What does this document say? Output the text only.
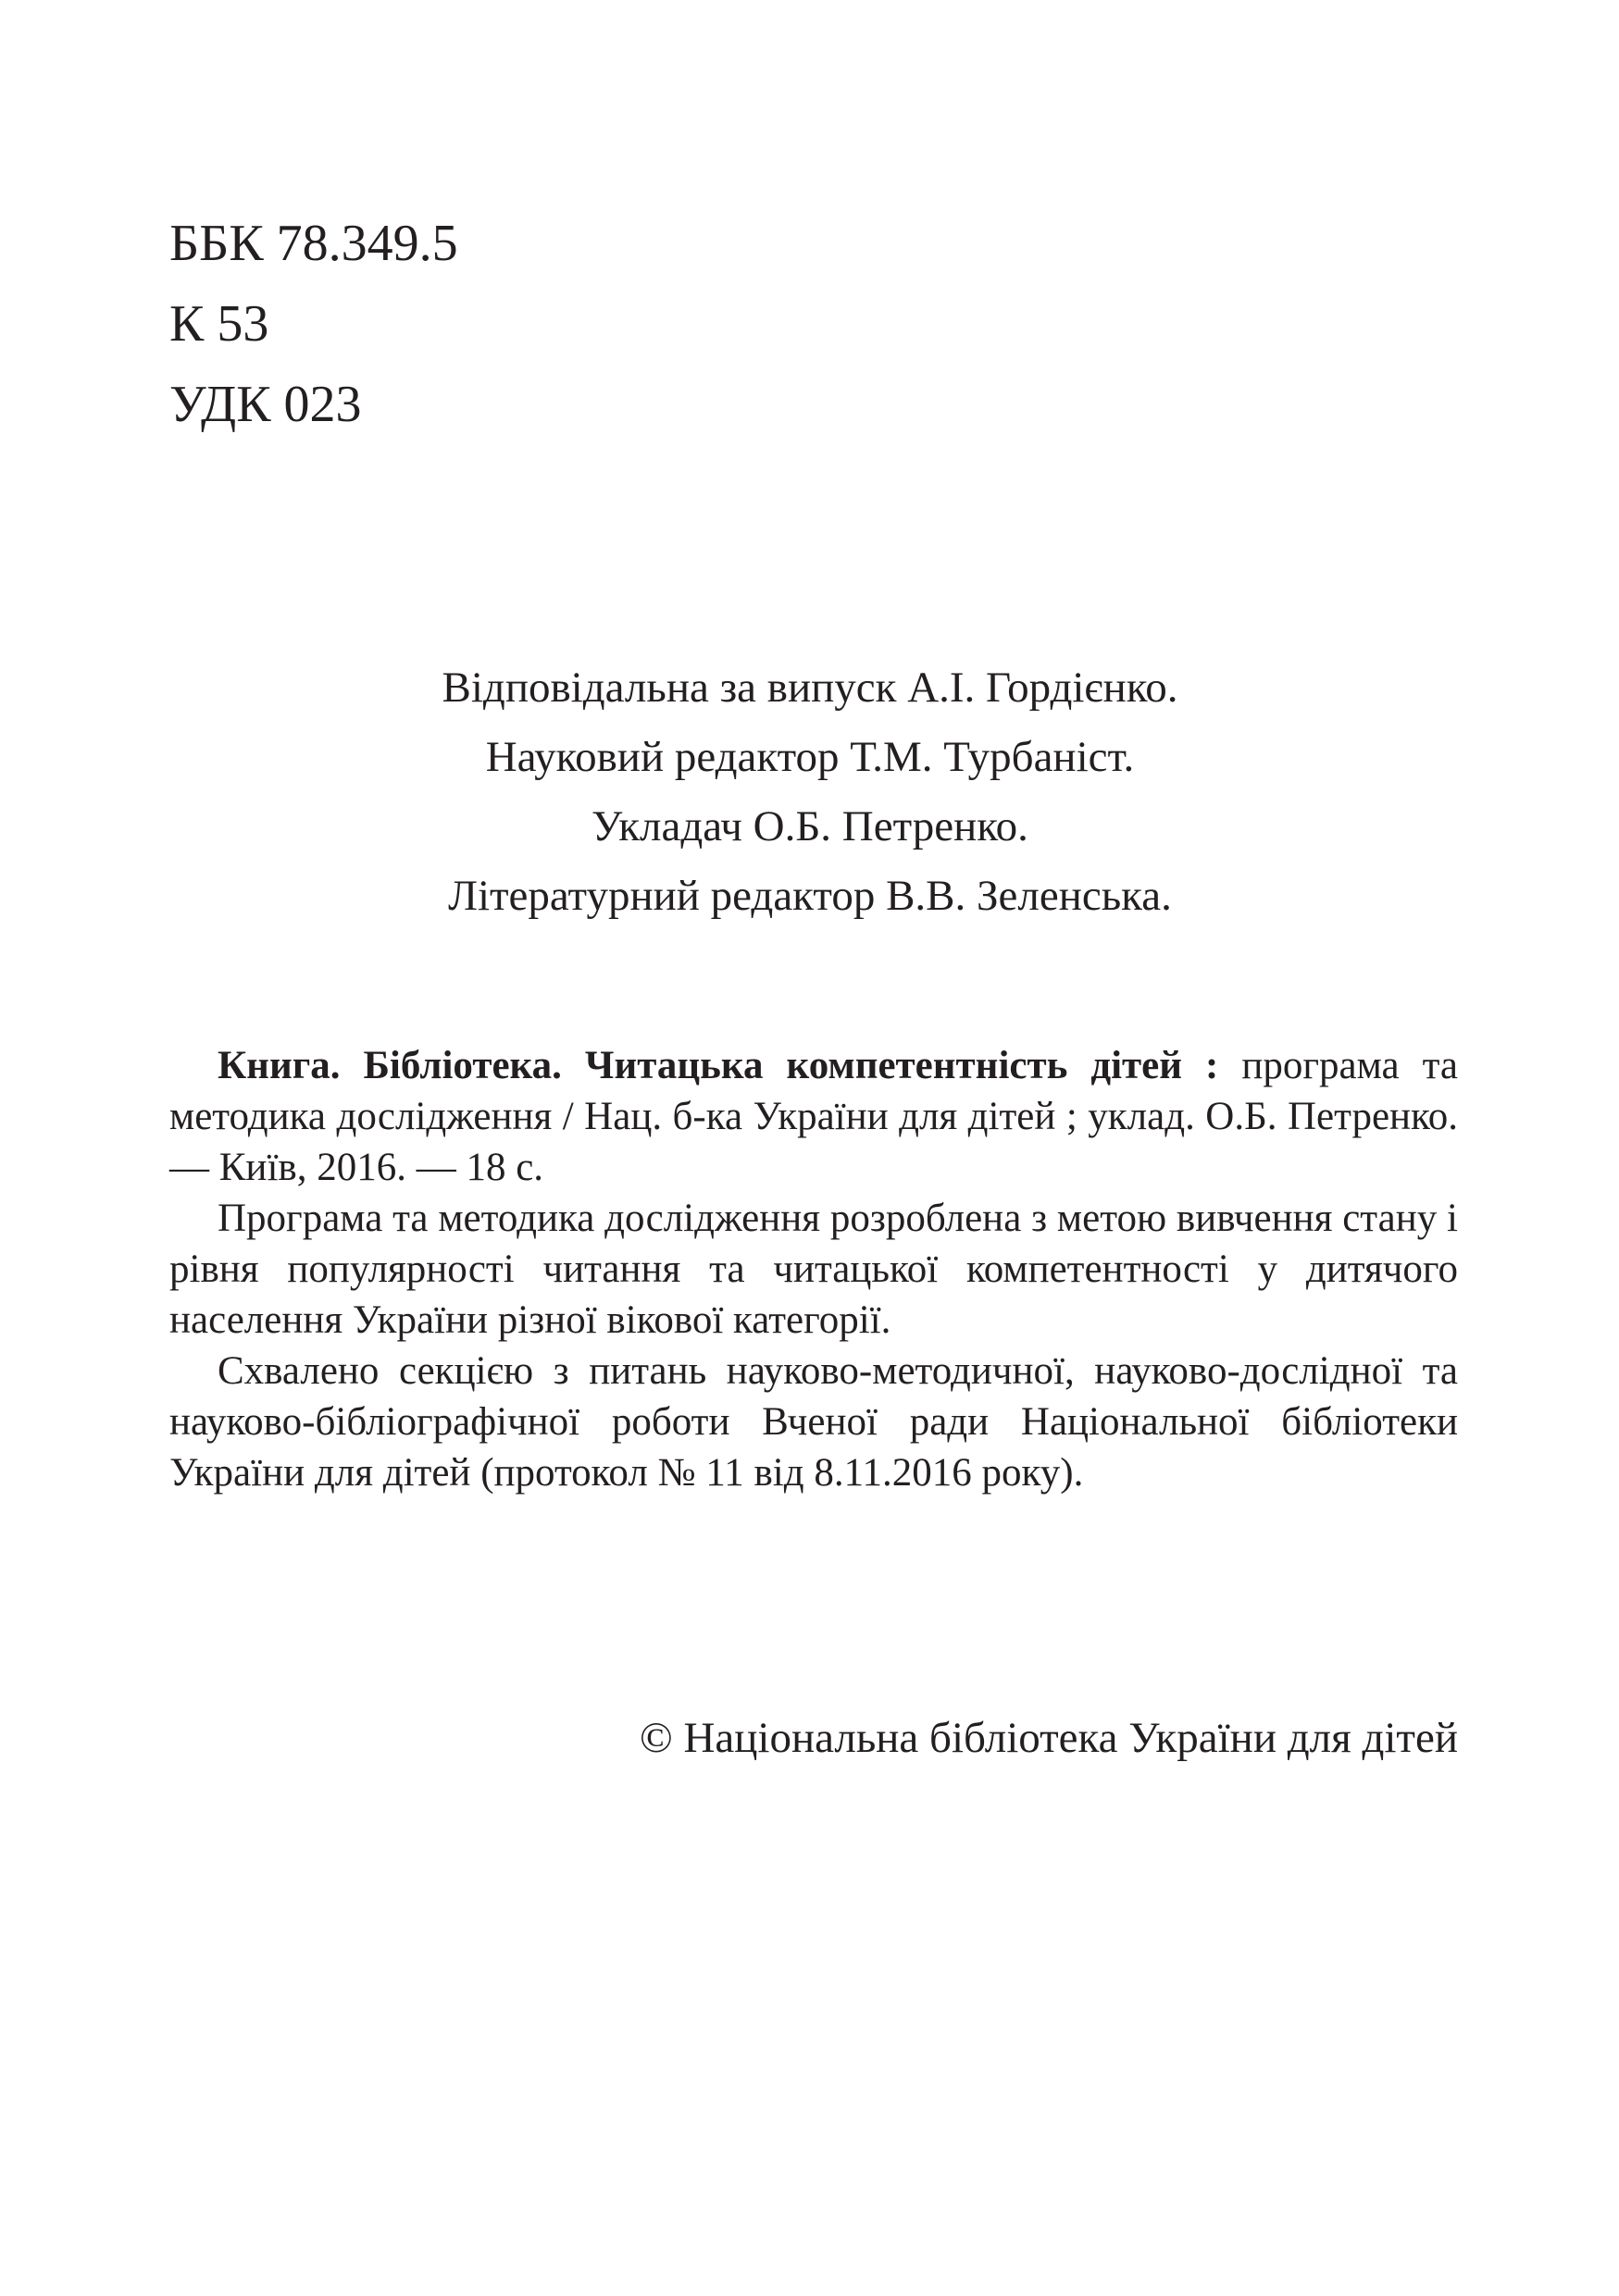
ББК 78.349.5
К 53
УДК 023
Відповідальна за випуск А.І. Гордієнко.
Науковий редактор Т.М. Турбаніст.
Укладач О.Б. Петренко.
Літературний редактор В.В. Зеленська.

Книга. Бібліотека. Читацька компетентність дітей : програма та методика дослідження / Нац. б-ка України для дітей ; уклад. О.Б. Петренко. — Київ, 2016. — 18 с.

Програма та методика дослідження розроблена з метою вивчення стану і рівня популярності читання та читацької компетентності у дитячого населення України різної вікової категорії.

Схвалено секцією з питань науково-методичної, науково-дослідної та науково-бібліографічної роботи Вченої ради Національної бібліотеки України для дітей (протокол № 11 від 8.11.2016 року).

© Національна бібліотека України для дітей
